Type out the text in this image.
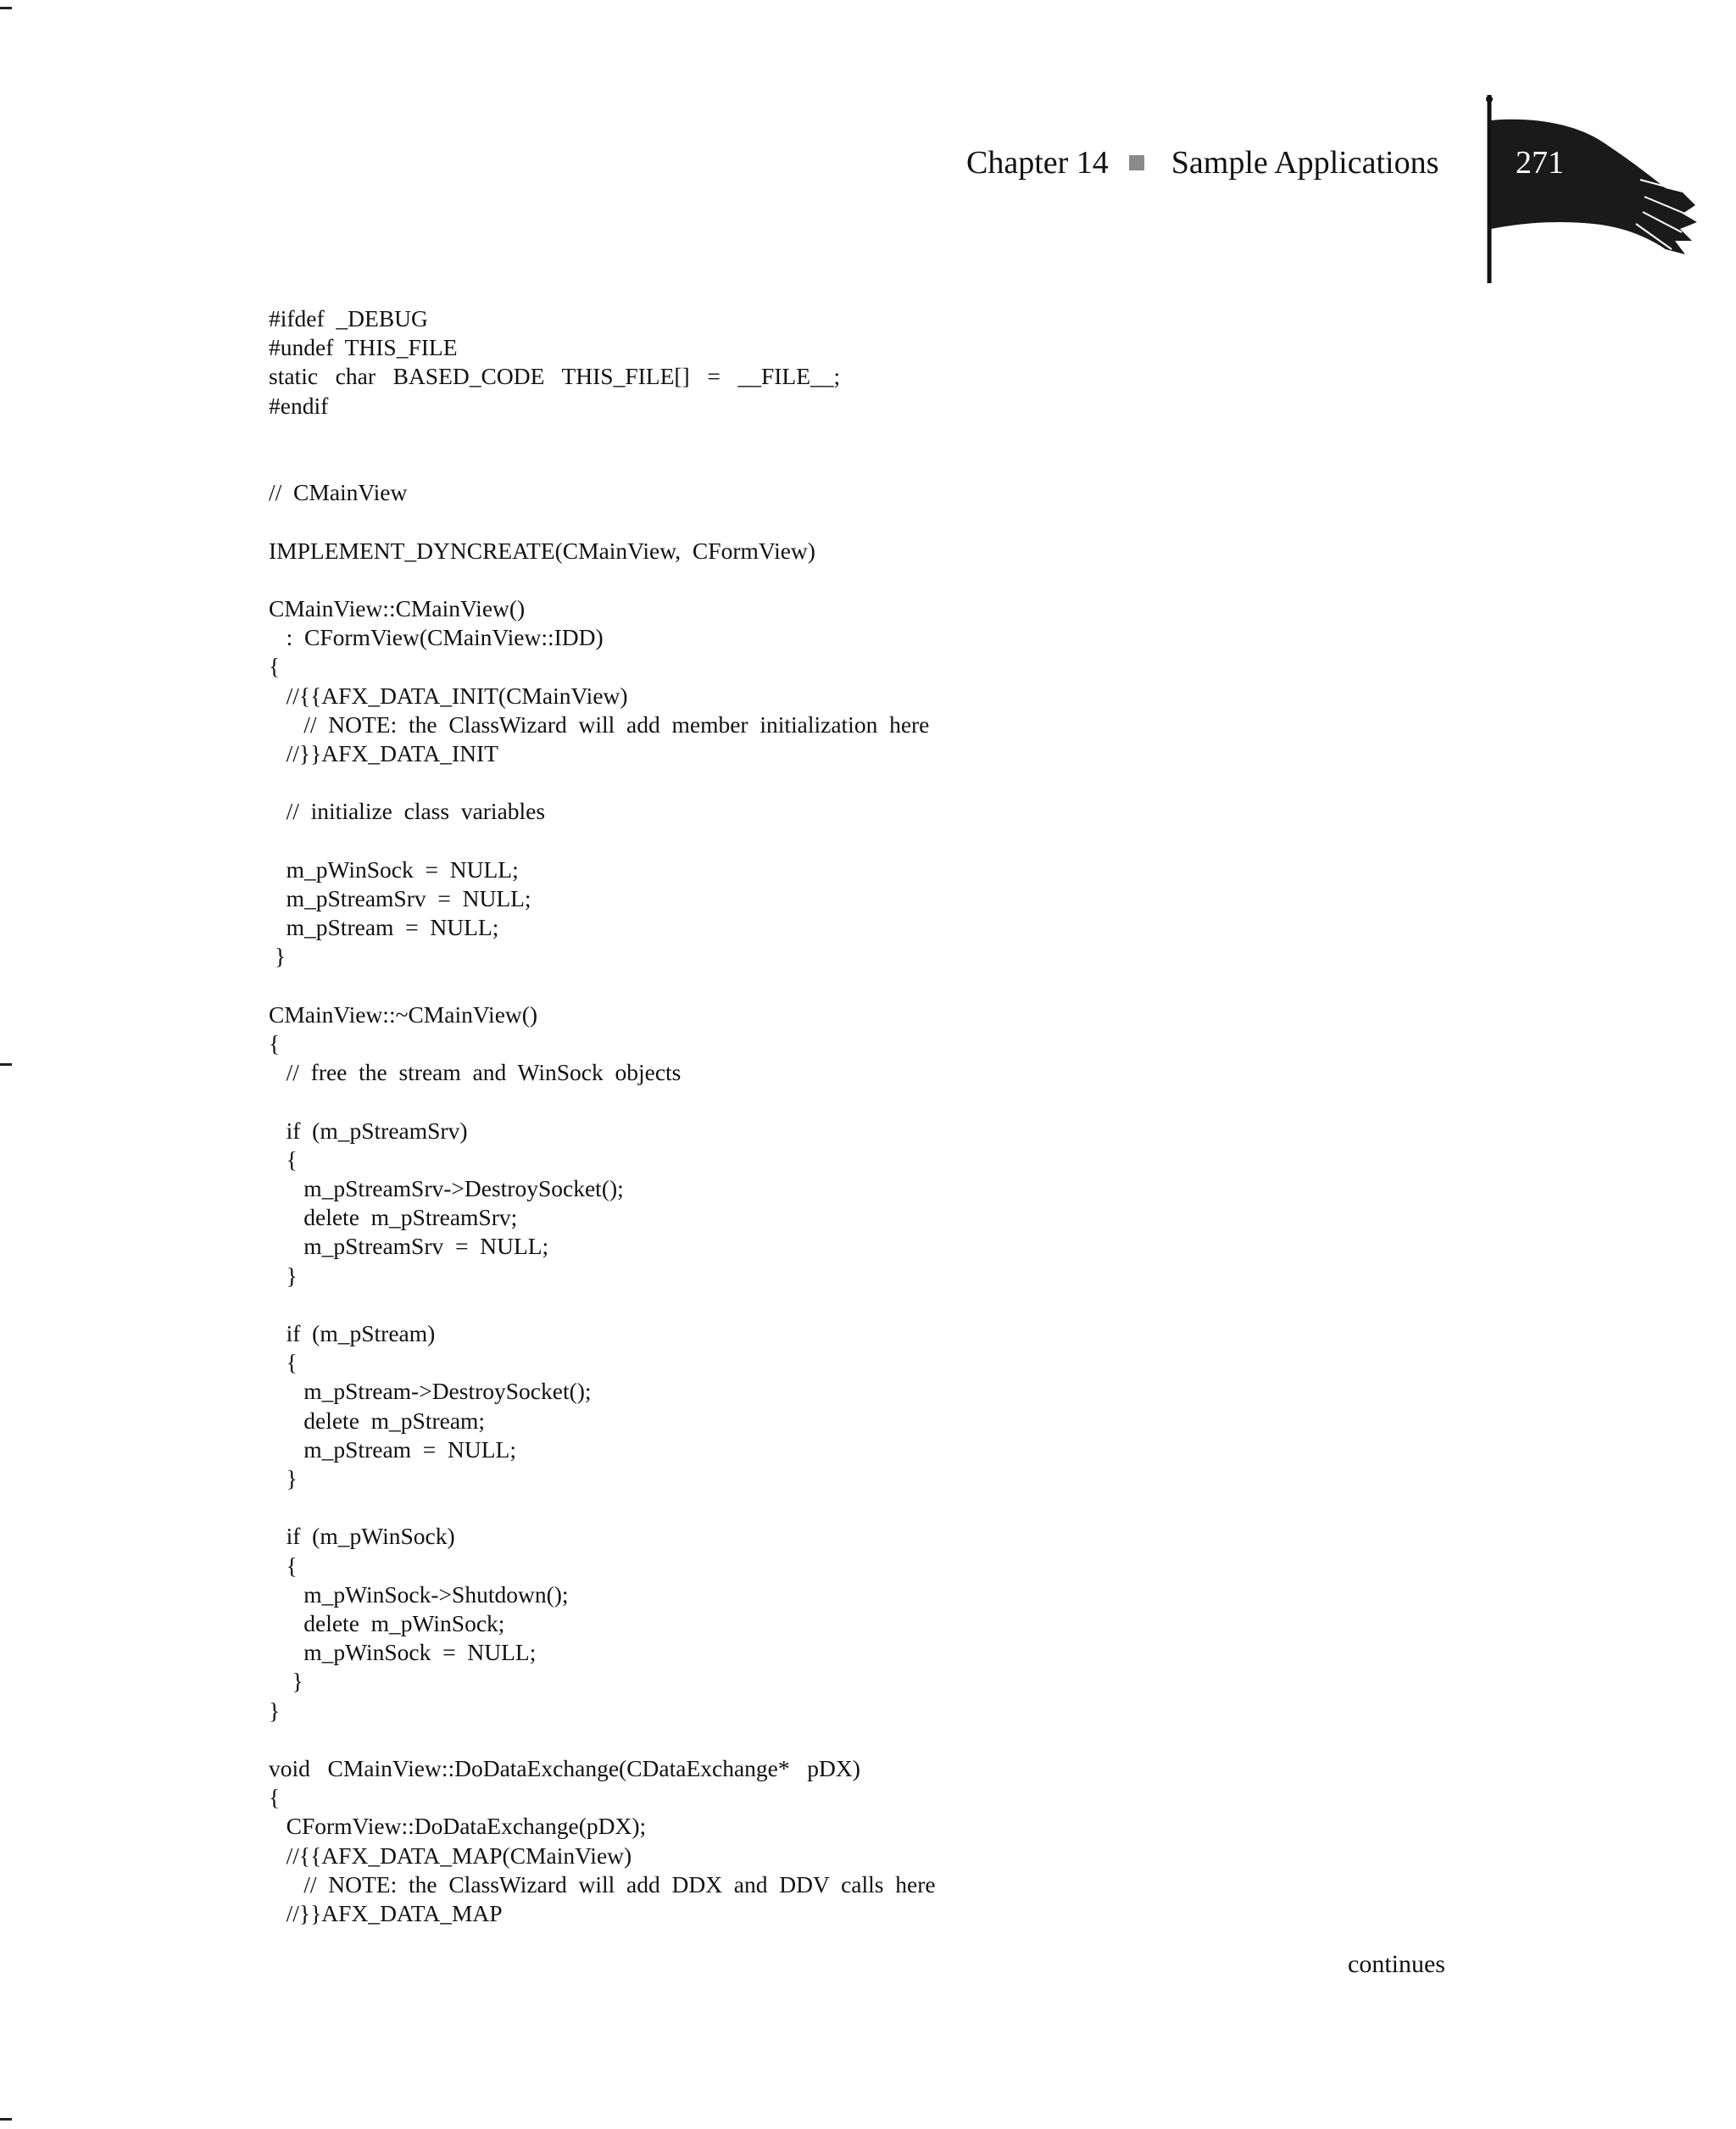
Chapter 14 Sample Applications 271
#ifdef  _DEBUG
#undef  THIS_FILE
static   char   BASED_CODE   THIS_FILE[]   =   __FILE__;
#endif
//  CMainView
IMPLEMENT_DYNCREATE(CMainView,  CFormView)
CMainView::CMainView()
:  CFormView(CMainView::IDD)
{
//{{AFX_DATA_INIT(CMainView)
//  NOTE:  the  ClassWizard  will  add  member  initialization  here
//}}AFX_DATA_INIT
//  initialize  class  variables
m_pWinSock  =  NULL;
m_pStreamSrv  =  NULL;
m_pStream  =  NULL;
}
CMainView::~CMainView()
{
//  free  the  stream  and  WinSock  objects
if  (m_pStreamSrv)
{
m_pStreamSrv->DestroySocket();
delete  m_pStreamSrv;
m_pStreamSrv  =  NULL;
}
if  (m_pStream)
{
m_pStream->DestroySocket();
delete  m_pStream;
m_pStream  =  NULL;
}
if  (m_pWinSock)
{
m_pWinSock->Shutdown();
delete  m_pWinSock;
m_pWinSock  =  NULL;
}
}
void   CMainView::DoDataExchange(CDataExchange*   pDX)
{
CFormView::DoDataExchange(pDX);
//{{AFX_DATA_MAP(CMainView)
//  NOTE:  the  ClassWizard  will  add  DDX  and  DDV  calls  here
//}}AFX_DATA_MAP
continues
